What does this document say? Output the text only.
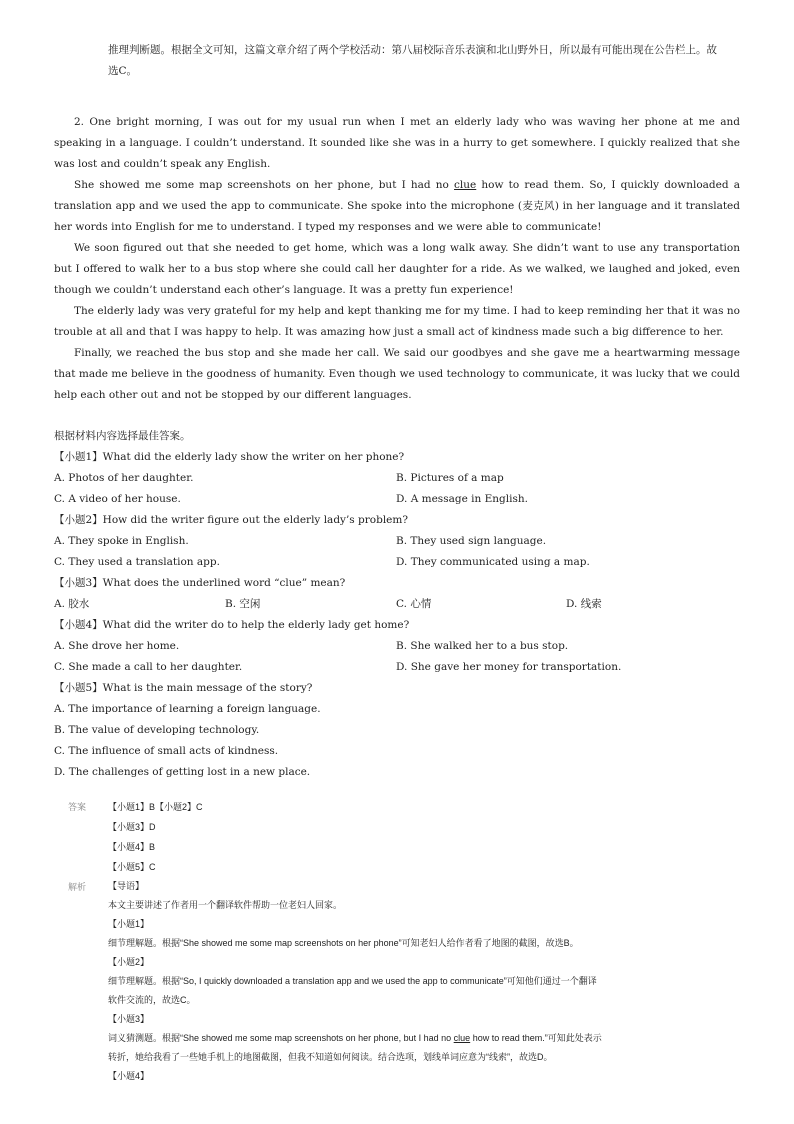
推理判断题。根据全文可知，这篇文章介绍了两个学校活动：第八届校际音乐表演和北山野外日，所以最有可能出现在公告栏上。故
选C。

2. One bright morning, I was out for my usual run when I met an elderly lady who was waving her phone at me and speaking in a language. I couldn’t understand. It sounded like she was in a hurry to get somewhere. I quickly realized that she was lost and couldn’t speak any English.

She showed me some map screenshots on her phone, but I had no clue how to read them. So, I quickly downloaded a translation app and we used the app to communicate. She spoke into the microphone (麦克风) in her language and it translated her words into English for me to understand. I typed my responses and we were able to communicate!

We soon figured out that she needed to get home, which was a long walk away. She didn’t want to use any transportation but I offered to walk her to a bus stop where she could call her daughter for a ride. As we walked, we laughed and joked, even though we couldn’t understand each other’s language. It was a pretty fun experience!

The elderly lady was very grateful for my help and kept thanking me for my time. I had to keep reminding her that it was no trouble at all and that I was happy to help. It was amazing how just a small act of kindness made such a big difference to her.

Finally, we reached the bus stop and she made her call. We said our goodbyes and she gave me a heartwarming message that made me believe in the goodness of humanity. Even though we used technology to communicate, it was lucky that we could help each other out and not be stopped by our different languages.

根据材料内容选择最佳答案。
【小题1】What did the elderly lady show the writer on her phone?
A. Photos of her daughter.	B. Pictures of a map
C. A video of her house.	D. A message in English.
【小题2】How did the writer figure out the elderly lady’s problem?
A. They spoke in English.	B. They used sign language.
C. They used a translation app.	D. They communicated using a map.
【小题3】What does the underlined word “clue” mean?
A. 胶水	B. 空闲	C. 心情	D. 线索
【小题4】What did the writer do to help the elderly lady get home?
A. She drove her home.	B. She walked her to a bus stop.
C. She made a call to her daughter.	D. She gave her money for transportation.
【小题5】What is the main message of the story?
A. The importance of learning a foreign language.
B. The value of developing technology.
C. The influence of small acts of kindness.
D. The challenges of getting lost in a new place.
答案 【小题1】B【小题2】C
【小题3】D
【小题4】B
【小题5】C
解析 【导语】
本文主要讲述了作者用一个翻译软件帮助一位老妇人回家。
【小题1】
细节理解题。根据“She showed me some map screenshots on her phone”可知老妇人给作者看了地图的截图，故选B。
【小题2】
细节理解题。根据“So, I quickly downloaded a translation app and we used the app to communicate”可知他们通过一个翻译
软件交流的，故选C。
【小题3】
词义猜测题。根据“She showed me some map screenshots on her phone, but I had no clue how to read them.”可知此处表示
转折，她给我看了一些她手机上的地图截图，但我不知道如何阅读。结合选项，划线单词应意为“线索”，故选D。
【小题4】
